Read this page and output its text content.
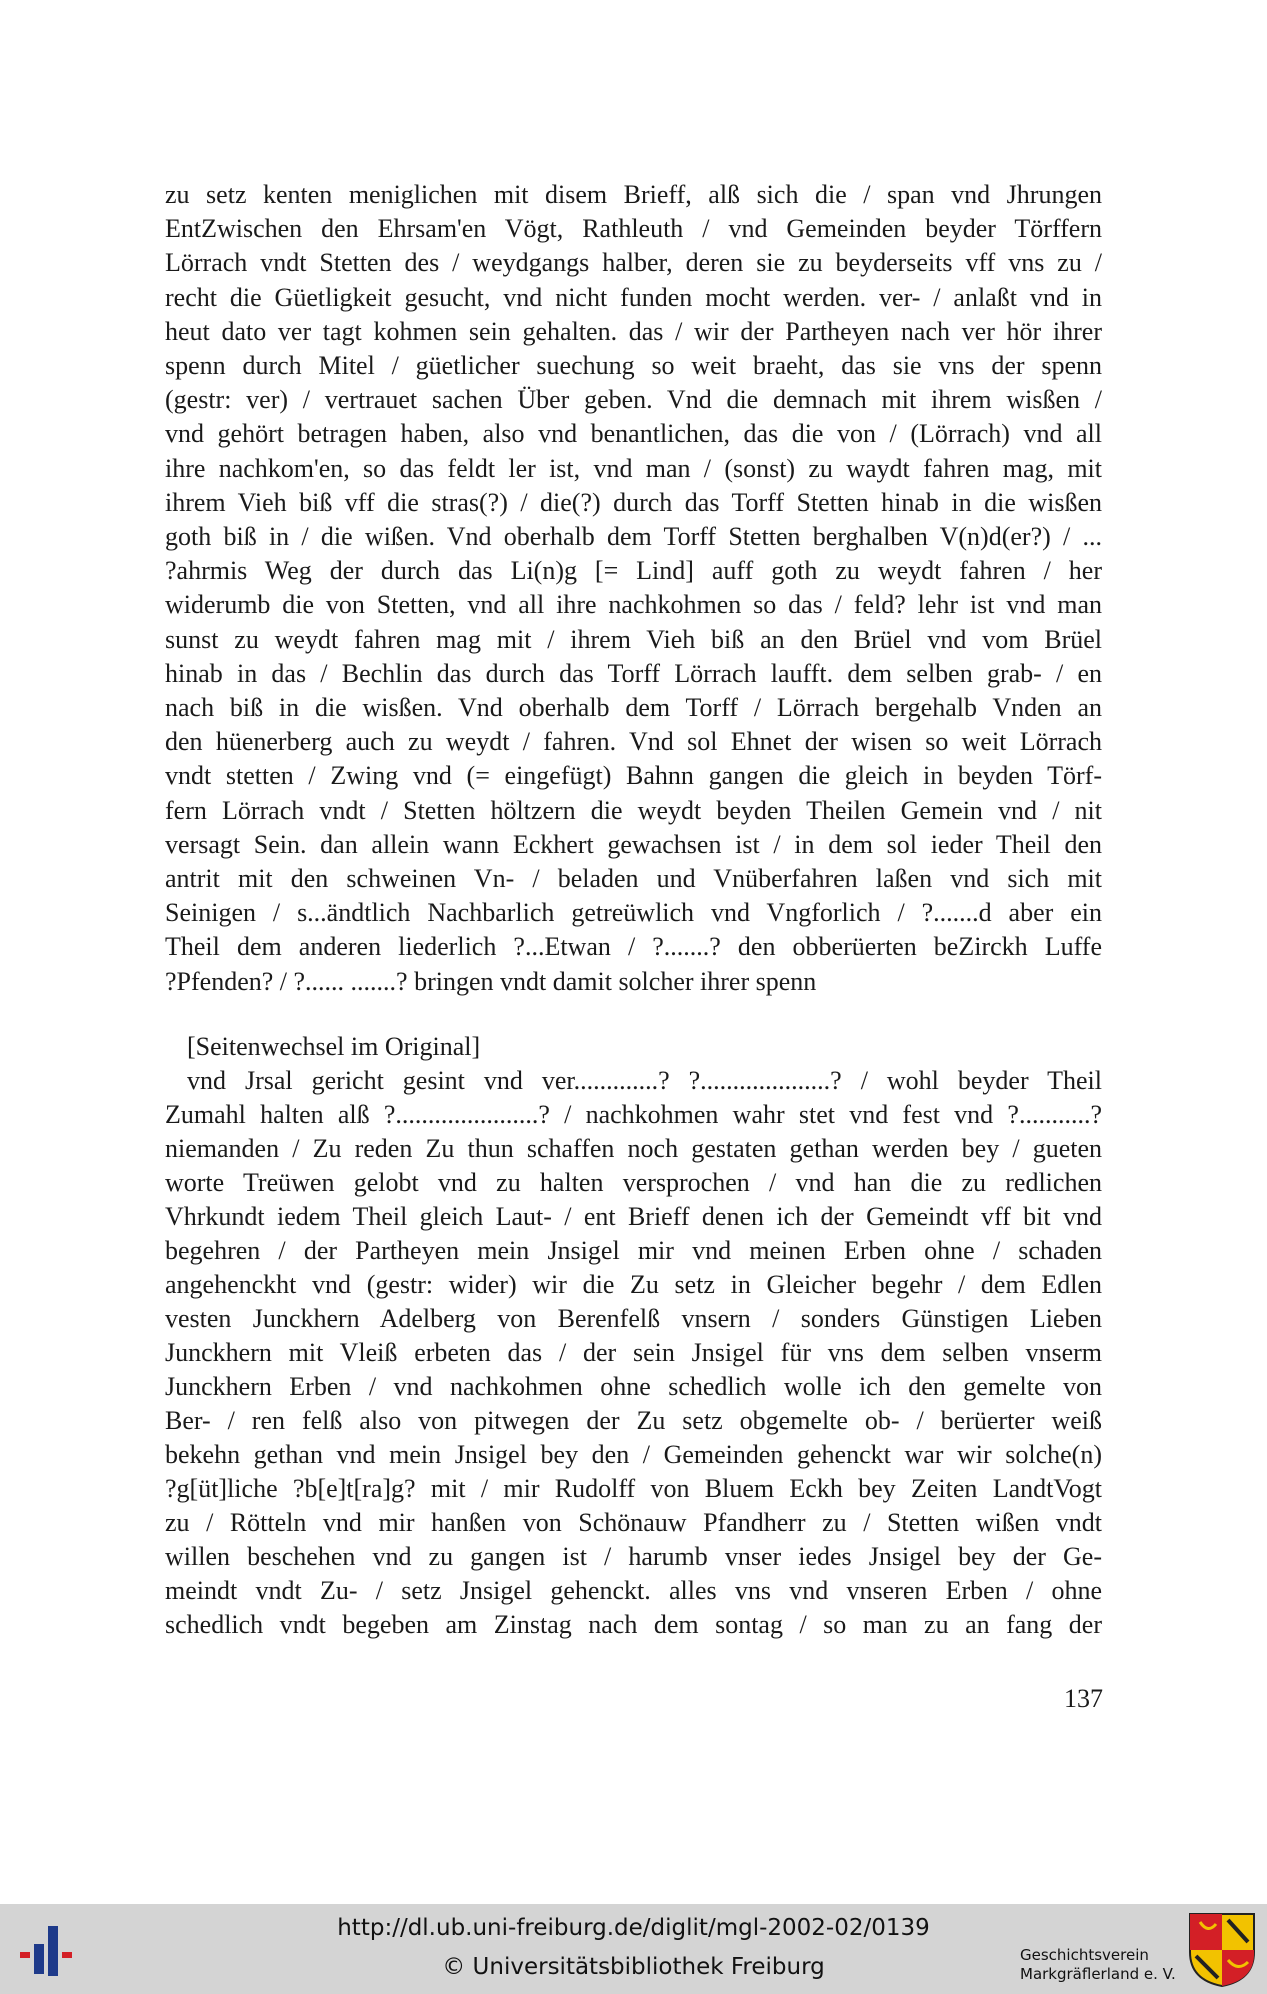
zu setz kenten meniglichen mit disem Brieff, alß sich die / span vnd Jhrungen
EntZwischen den Ehrsam'en Vögt, Rathleuth / vnd Gemeinden beyder Törffern
Lörrach vndt Stetten des / weydgangs halber, deren sie zu beyderseits vff vns zu /
recht die Güetligkeit gesucht, vnd nicht funden mocht werden. ver- / anlaßt vnd in
heut dato ver tagt kohmen sein gehalten. das / wir der Partheyen nach ver hör ihrer
spenn durch Mitel / güetlicher suechung so weit braeht, das sie vns der spenn
(gestr: ver) / vertrauet sachen Über geben. Vnd die demnach mit ihrem wisßen /
vnd gehört betragen haben, also vnd benantlichen, das die von / (Lörrach) vnd all
ihre nachkom'en, so das feldt ler ist, vnd man / (sonst) zu waydt fahren mag, mit
ihrem Vieh biß vff die stras(?) / die(?) durch das Torff Stetten hinab in die wisßen
goth biß in / die wißen. Vnd oberhalb dem Torff Stetten berghalben V(n)d(er?) / ...
?ahrmis Weg der durch das Li(n)g [= Lind] auff goth zu weydt fahren / her
widerumb die von Stetten, vnd all ihre nachkohmen so das / feld? lehr ist vnd man
sunst zu weydt fahren mag mit / ihrem Vieh biß an den Brüel vnd vom Brüel
hinab in das / Bechlin das durch das Torff Lörrach laufft. dem selben grab- / en
nach biß in die wisßen. Vnd oberhalb dem Torff / Lörrach bergehalb Vnden an
den hüenerberg auch zu weydt / fahren. Vnd sol Ehnet der wisen so weit Lörrach
vndt stetten / Zwing vnd (= eingefügt) Bahnn gangen die gleich in beyden Törf-
fern Lörrach vndt / Stetten höltzern die weydt beyden Theilen Gemein vnd / nit
versagt Sein. dan allein wann Eckhert gewachsen ist / in dem sol ieder Theil den
antrit mit den schweinen Vn- / beladen und Vnüberfahren laßen vnd sich mit
Seinigen / s...ändtlich Nachbarlich getreüwlich vnd Vngforlich / ?.......d aber ein
Theil dem anderen liederlich ?...Etwan / ?.......? den obberüerten beZirckh Luffe
?Pfenden? / ?...... .......? bringen vndt damit solcher ihrer spenn
[Seitenwechsel im Original]
vnd Jrsal gericht gesint vnd ver.............? ?....................? / wohl beyder Theil
Zumahl halten alß ?......................? / nachkohmen wahr stet vnd fest vnd ?...........?
niemanden / Zu reden Zu thun schaffen noch gestaten gethan werden bey / gueten
worte Treüwen gelobt vnd zu halten versprochen / vnd han die zu redlichen
Vhrkundt iedem Theil gleich Laut- / ent Brieff denen ich der Gemeindt vff bit vnd
begehren / der Partheyen mein Jnsigel mir vnd meinen Erben ohne / schaden
angehenckht vnd (gestr: wider) wir die Zu setz in Gleicher begehr / dem Edlen
vesten Junckhern Adelberg von Berenfelß vnsern / sonders Günstigen Lieben
Junckhern mit Vleiß erbeten das / der sein Jnsigel für vns dem selben vnserm
Junckhern Erben / vnd nachkohmen ohne schedlich wolle ich den gemelte von
Ber- / ren felß also von pitwegen der Zu setz obgemelte ob- / berüerter weiß
bekehn gethan vnd mein Jnsigel bey den / Gemeinden gehenckt war wir solche(n)
?g[üt]liche ?b[e]t[ra]g? mit / mir Rudolff von Bluem Eckh bey Zeiten LandtVogt
zu / Rötteln vnd mir hanßen von Schönauw Pfandherr zu / Stetten wißen vndt
willen beschehen vnd zu gangen ist / harumb vnser iedes Jnsigel bey der Ge-
meindt vndt Zu- / setz Jnsigel gehenckt. alles vns vnd vnseren Erben / ohne
schedlich vndt begeben am Zinstag nach dem sontag / so man zu an fang der
137
http://dl.ub.uni-freiburg.de/diglit/mgl-2002-02/0139
© Universitätsbibliothek Freiburg	Geschichtsverein
Markgräflerland e. V.
